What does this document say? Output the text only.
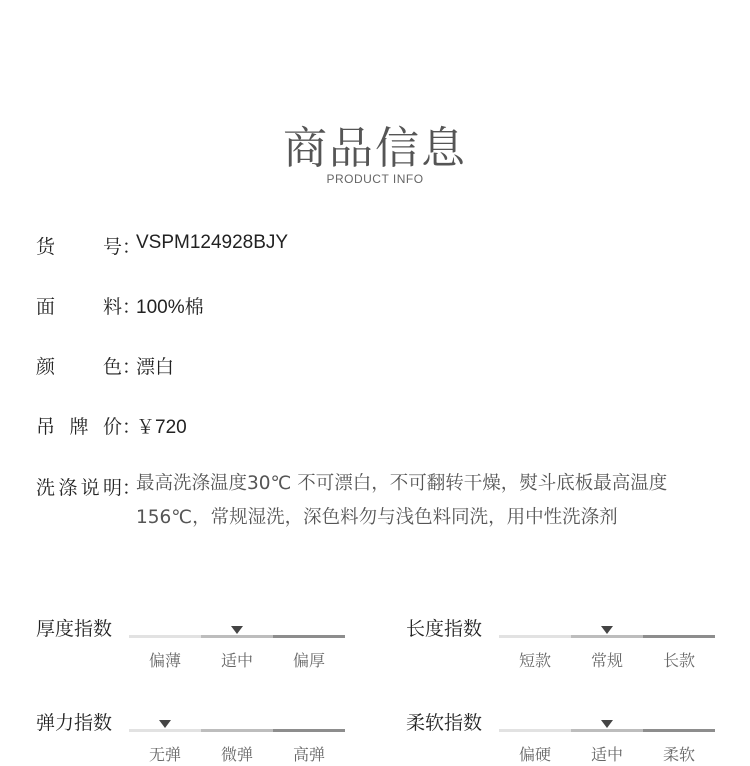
商品信息
PRODUCT INFO
货	号 ：
VSPM124928BJY
面	料 ：
100%棉
颜	色 ：
漂白
吊 牌 价 ：
￥720
洗 涤 说 明 ：
最高洗涤温度30℃ 不可漂白，不可翻转干燥，熨斗底板最高温度156℃，常规湿洗，深色料勿与浅色料同洗，用中性洗涤剂
厚度指数
偏薄	适中	偏厚
长度指数
短款	常规	长款
弹力指数
无弹	微弹	高弹
柔软指数
偏硬	适中	柔软
